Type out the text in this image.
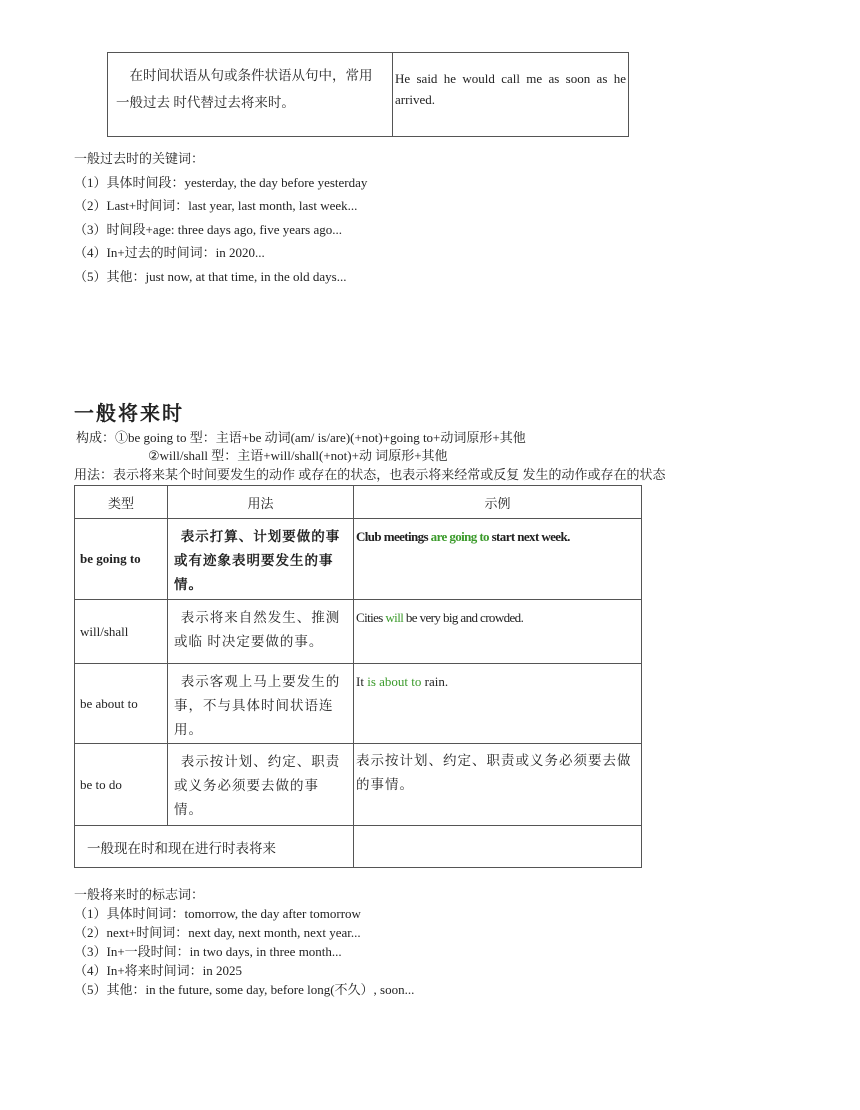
在时间状语从句或条件状语从句中，常用一般过去 时代替过去将来时。	He said he would call me as soon as he arrived.
一般过去时的关键词：
（1）具体时间段：yesterday, the day before yesterday
（2）Last+时间词：last year, last month, last week...
（3）时间段+age: three days ago, five years ago...
（4）In+过去的时间词：in 2020...
（5）其他：just now, at that time, in the old days...
一般将来时
构成：①be going to 型：主语+be 动词(am/ is/are)(+not)+going to+动词原形+其他
②will/shall 型：主语+will/shall(+not)+动 词原形+其他
用法：表示将来某个时间要发生的动作 或存在的状态，也表示将来经常或反复 发生的动作或存在的状态
类型	用法	示例
be going to	表示打算、计划要做的事或有迹象表明要发生的事情。	Club meetings are going to start next week.
will/shall	表示将来自然发生、推测或临 时决定要做的事。	Cities will be very big and crowded.
be about to	表示客观上马上要发生的事，不与具体时间状语连用。	It is about to rain.
be to do	表示按计划、约定、职责或义务必须要去做的事情。	表示按计划、约定、职责或义务必须要去做的事情。
一般现在时和现在进行时表将来		
一般将来时的标志词：
（1）具体时间词：tomorrow, the day after tomorrow
（2）next+时间词：next day, next month, next year...
（3）In+一段时间：in two days, in three month...
（4）In+将来时间词：in 2025
（5）其他：in the future, some day, before long(不久）, soon...
